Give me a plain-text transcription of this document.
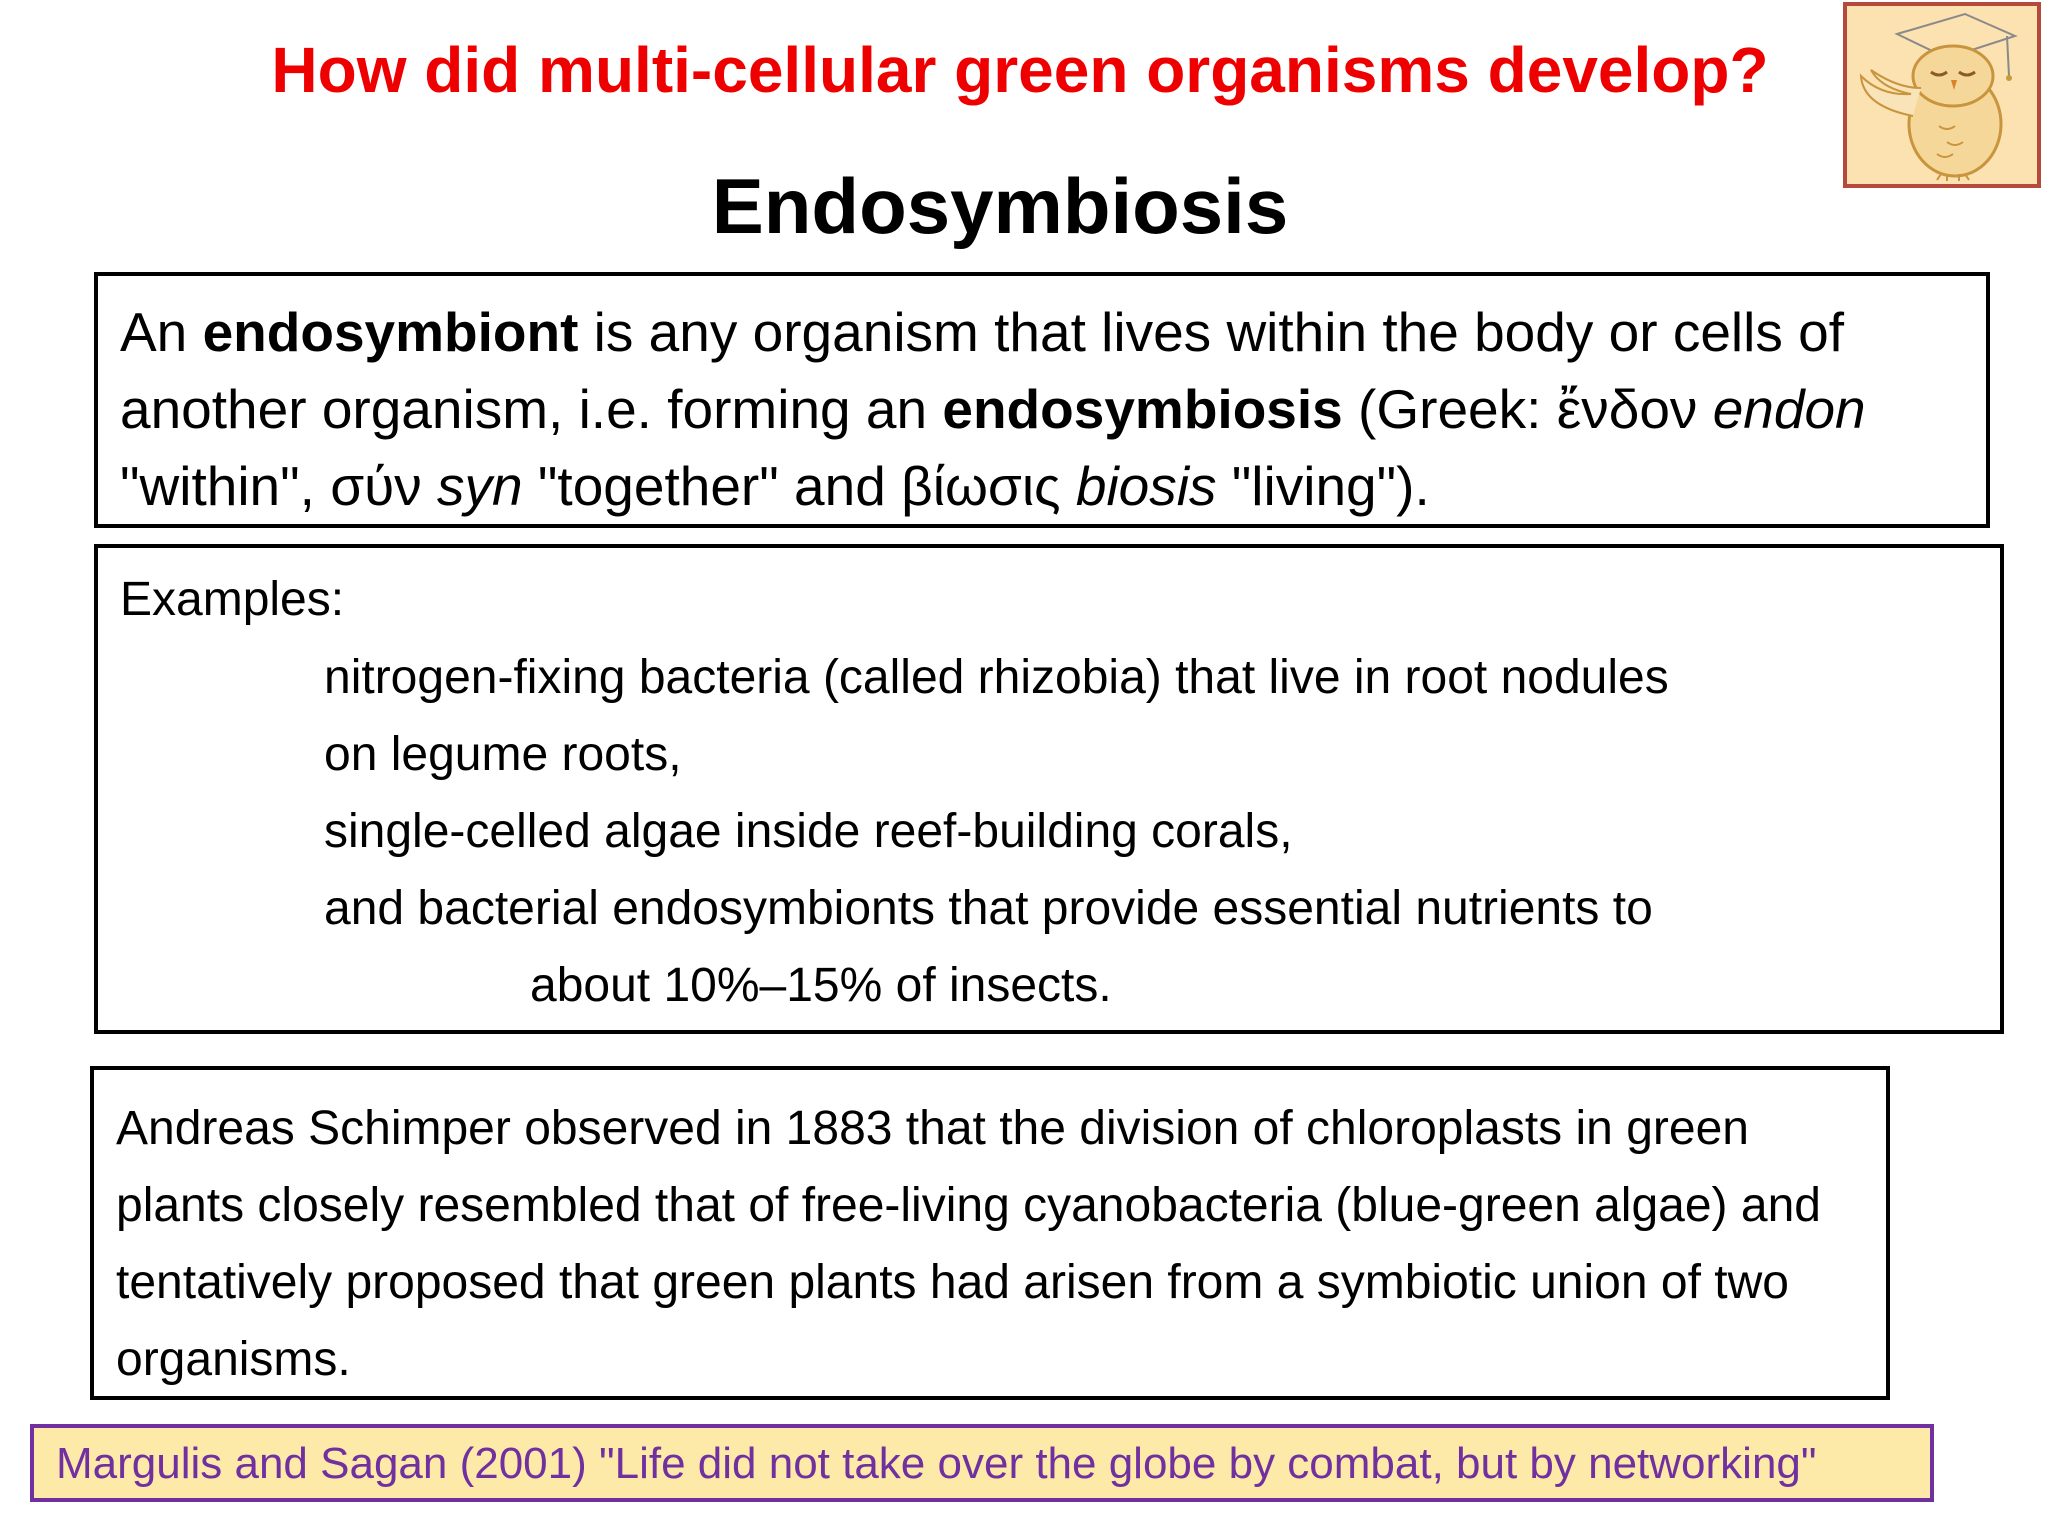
How did multi-cellular green organisms develop?
Endosymbiosis
An endosymbiont is any organism that lives within the body or cells of another organism, i.e. forming an endosymbiosis (Greek: ἔνδον endon "within", σύν syn "together" and βίωσις biosis "living").
Examples:
nitrogen-fixing bacteria (called rhizobia) that live in root nodules
on legume roots,
single-celled algae inside reef-building corals,
and bacterial endosymbionts that provide essential nutrients to
about 10%–15% of insects.
Andreas Schimper observed in 1883 that the division of chloroplasts in green plants closely resembled that of free-living cyanobacteria (blue-green algae) and tentatively proposed that green plants had arisen from a symbiotic union of two organisms.
Margulis and Sagan (2001) "Life did not take over the globe by combat, but by networking"
